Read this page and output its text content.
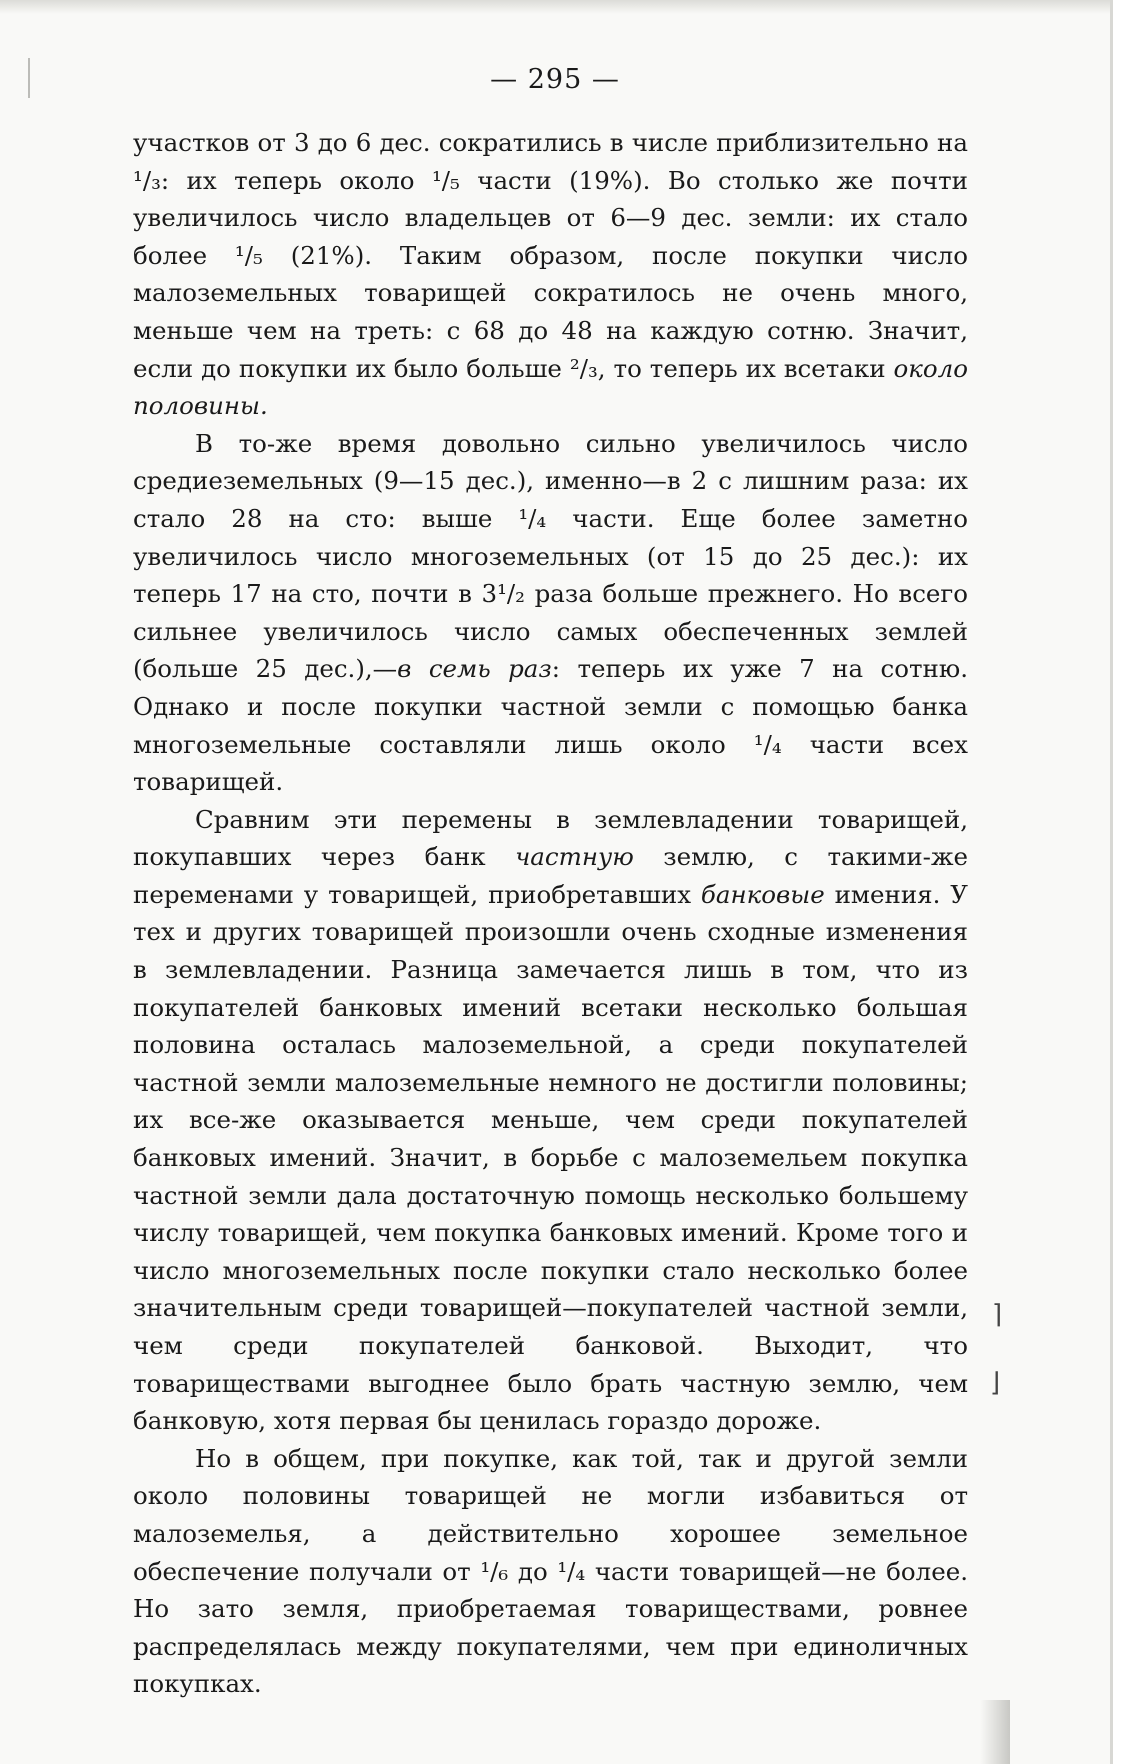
— 295 —

участков от 3 до 6 дес. сократились в числе приблизительно на ¹/₃: их теперь около ¹/₅ части (19%). Во столько же почти увеличилось число владельцев от 6—9 дес. земли: их стало более ¹/₅ (21%). Таким образом, после покупки число малоземельных товарищей сократилось не очень много, меньше чем на треть: с 68 до 48 на каждую сотню. Значит, если до покупки их было больше ²/₃, то теперь их всетаки около половины.

В то-же время довольно сильно увеличилось число средиеземельных (9—15 дес.), именно—в 2 с лишним раза: их стало 28 на сто: выше ¹/₄ части. Еще более заметно увеличилось число многоземельных (от 15 до 25 дес.): их теперь 17 на сто, почти в 3¹/₂ раза больше прежнего. Но всего сильнее увеличилось число самых обеспеченных землей (больше 25 дес.),—в семь раз: теперь их уже 7 на сотню. Однако и после покупки частной земли с помощью банка многоземельные составляли лишь около ¹/₄ части всех товарищей.

Сравним эти перемены в землевладении товарищей, покупавших через банк частную землю, с такими-же переменами у товарищей, приобретавших банковые имения. У тех и других товарищей произошли очень сходные изменения в землевладении. Разница замечается лишь в том, что из покупателей банковых имений всетаки несколько большая половина осталась малоземельной, а среди покупателей частной земли малоземельные немного не достигли половины; их все-же оказывается меньше, чем среди покупателей банковых имений. Значит, в борьбе с малоземельем покупка частной земли дала достаточную помощь несколько большему числу товарищей, чем покупка банковых имений. Кроме того и число многоземельных после покупки стало несколько более значительным среди товарищей—покупателей частной земли, чем среди покупателей банковой. Выходит, что товариществами выгоднее было брать частную землю, чем банковую, хотя первая бы ценилась гораздо дороже.

Но в общем, при покупке, как той, так и другой земли около половины товарищей не могли избавиться от малоземелья, а действительно хорошее земельное обеспечение получали от ¹/₆ до ¹/₄ части товарищей—не более. Но зато земля, приобретаемая товариществами, ровнее распределялась между покупателями, чем при единоличных покупках.

⌉
⌋
